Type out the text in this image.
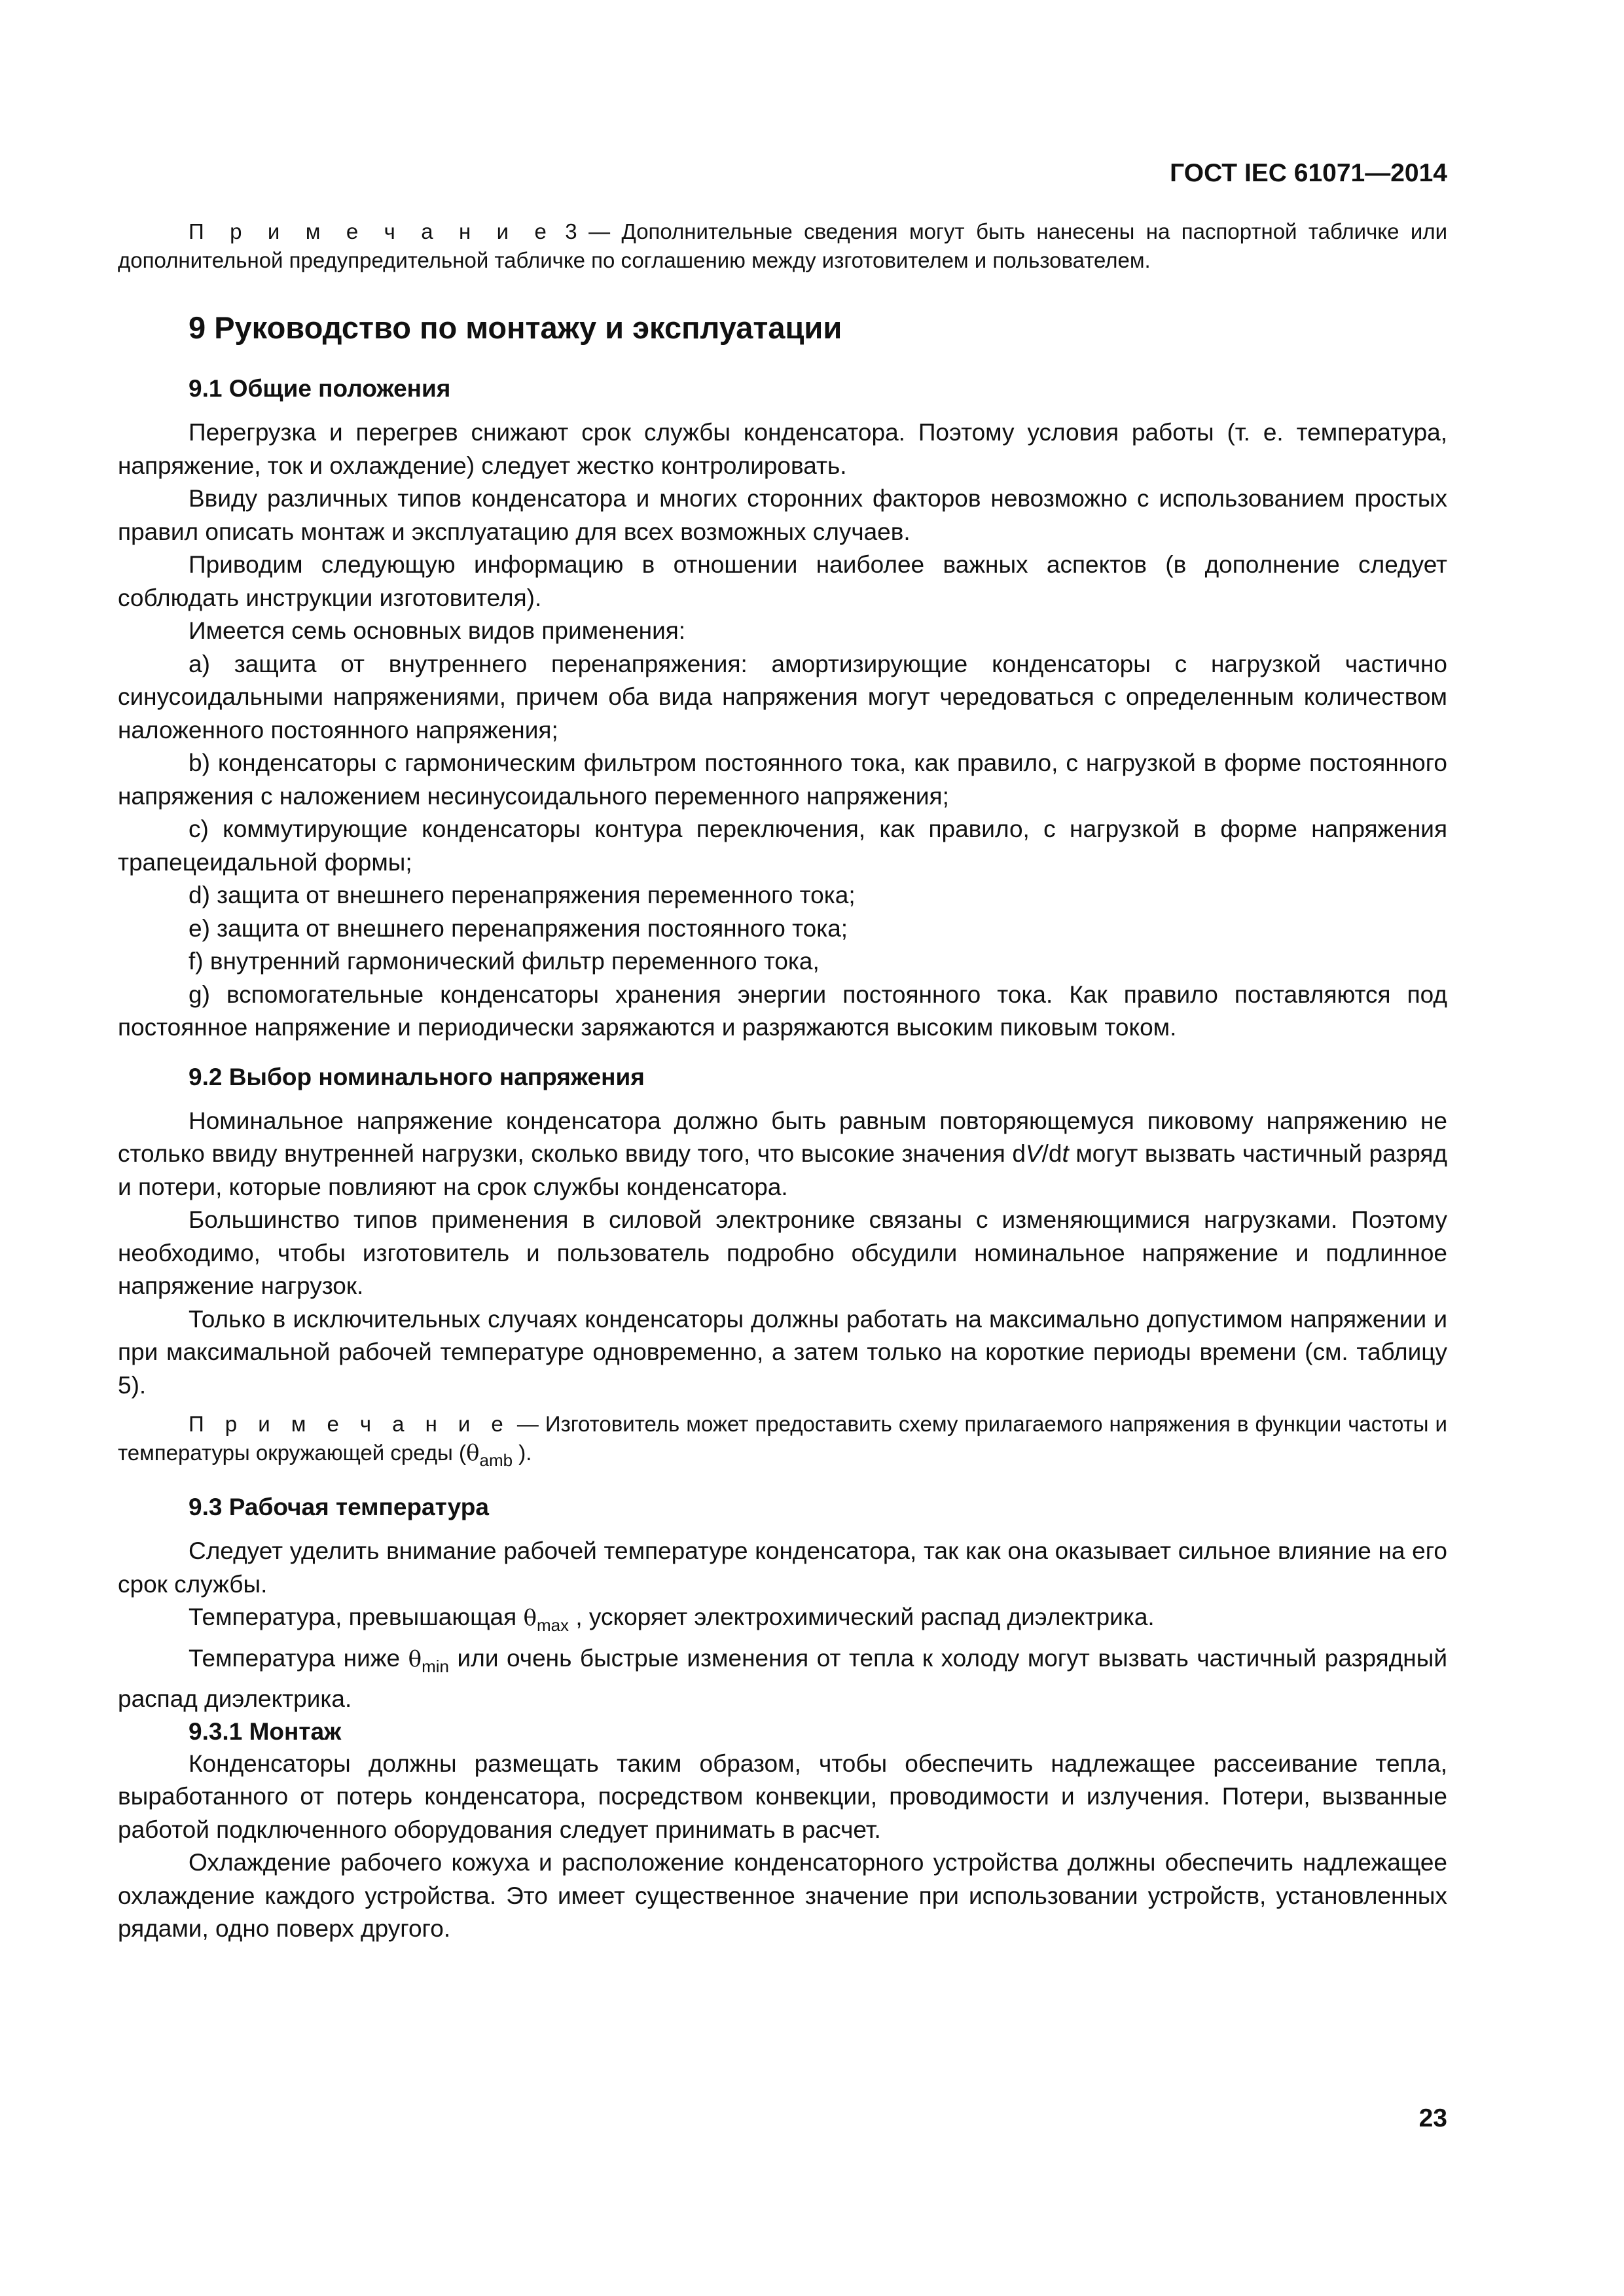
ГОСТ IEC 61071—2014

П р и м е ч а н и е 3 — Дополнительные сведения могут быть нанесены на паспортной табличке или дополнительной предупредительной табличке по соглашению между изготовителем и пользователем.

9 Руководство по монтажу и эксплуатации
9.1 Общие положения

Перегрузка и перегрев снижают срок службы конденсатора. Поэтому условия работы (т. е. температура, напряжение, ток и охлаждение) следует жестко контролировать.

Ввиду различных типов конденсатора и многих сторонних факторов невозможно с использованием простых правил описать монтаж и эксплуатацию для всех возможных случаев.

Приводим следующую информацию в отношении наиболее важных аспектов (в дополнение следует соблюдать инструкции изготовителя).

Имеется семь основных видов применения:

a) защита от внутреннего перенапряжения: амортизирующие конденсаторы с нагрузкой частично синусоидальными напряжениями, причем оба вида напряжения могут чередоваться с определенным количеством наложенного постоянного напряжения;

b) конденсаторы с гармоническим фильтром постоянного тока, как правило, с нагрузкой в форме постоянного напряжения с наложением несинусоидального переменного напряжения;

c) коммутирующие конденсаторы контура переключения, как правило, с нагрузкой в форме напряжения трапецеидальной формы;

d) защита от внешнего перенапряжения переменного тока;

e) защита от внешнего перенапряжения постоянного тока;

f) внутренний гармонический фильтр переменного тока,

g) вспомогательные конденсаторы хранения энергии постоянного тока. Как правило поставляются под постоянное напряжение и периодически заряжаются и разряжаются высоким пиковым током.

9.2 Выбор номинального напряжения

Номинальное напряжение конденсатора должно быть равным повторяющемуся пиковому напряжению не столько ввиду внутренней нагрузки, сколько ввиду того, что высокие значения dV/dt могут вызвать частичный разряд и потери, которые повлияют на срок службы конденсатора.

Большинство типов применения в силовой электронике связаны с изменяющимися нагрузками. Поэтому необходимо, чтобы изготовитель и пользователь подробно обсудили номинальное напряжение и подлинное напряжение нагрузок.

Только в исключительных случаях конденсаторы должны работать на максимально допустимом напряжении и при максимальной рабочей температуре одновременно, а затем только на короткие периоды времени (см. таблицу 5).

П р и м е ч а н и е — Изготовитель может предоставить схему прилагаемого напряжения в функции частоты и температуры окружающей среды ($\theta_{amb}$ ).

9.3 Рабочая температура

Следует уделить внимание рабочей температуре конденсатора, так как она оказывает сильное влияние на его срок службы.

Температура, превышающая $\theta_{max}$ , ускоряет электрохимический распад диэлектрика.

Температура ниже $\theta_{min}$ или очень быстрые изменения от тепла к холоду могут вызвать частичный разрядный распад диэлектрика.

9.3.1 Монтаж

Конденсаторы должны размещать таким образом, чтобы обеспечить надлежащее рассеивание тепла, выработанного от потерь конденсатора, посредством конвекции, проводимости и излучения. Потери, вызванные работой подключенного оборудования следует принимать в расчет.

Охлаждение рабочего кожуха и расположение конденсаторного устройства должны обеспечить надлежащее охлаждение каждого устройства. Это имеет существенное значение при использовании устройств, установленных рядами, одно поверх другого.

23
